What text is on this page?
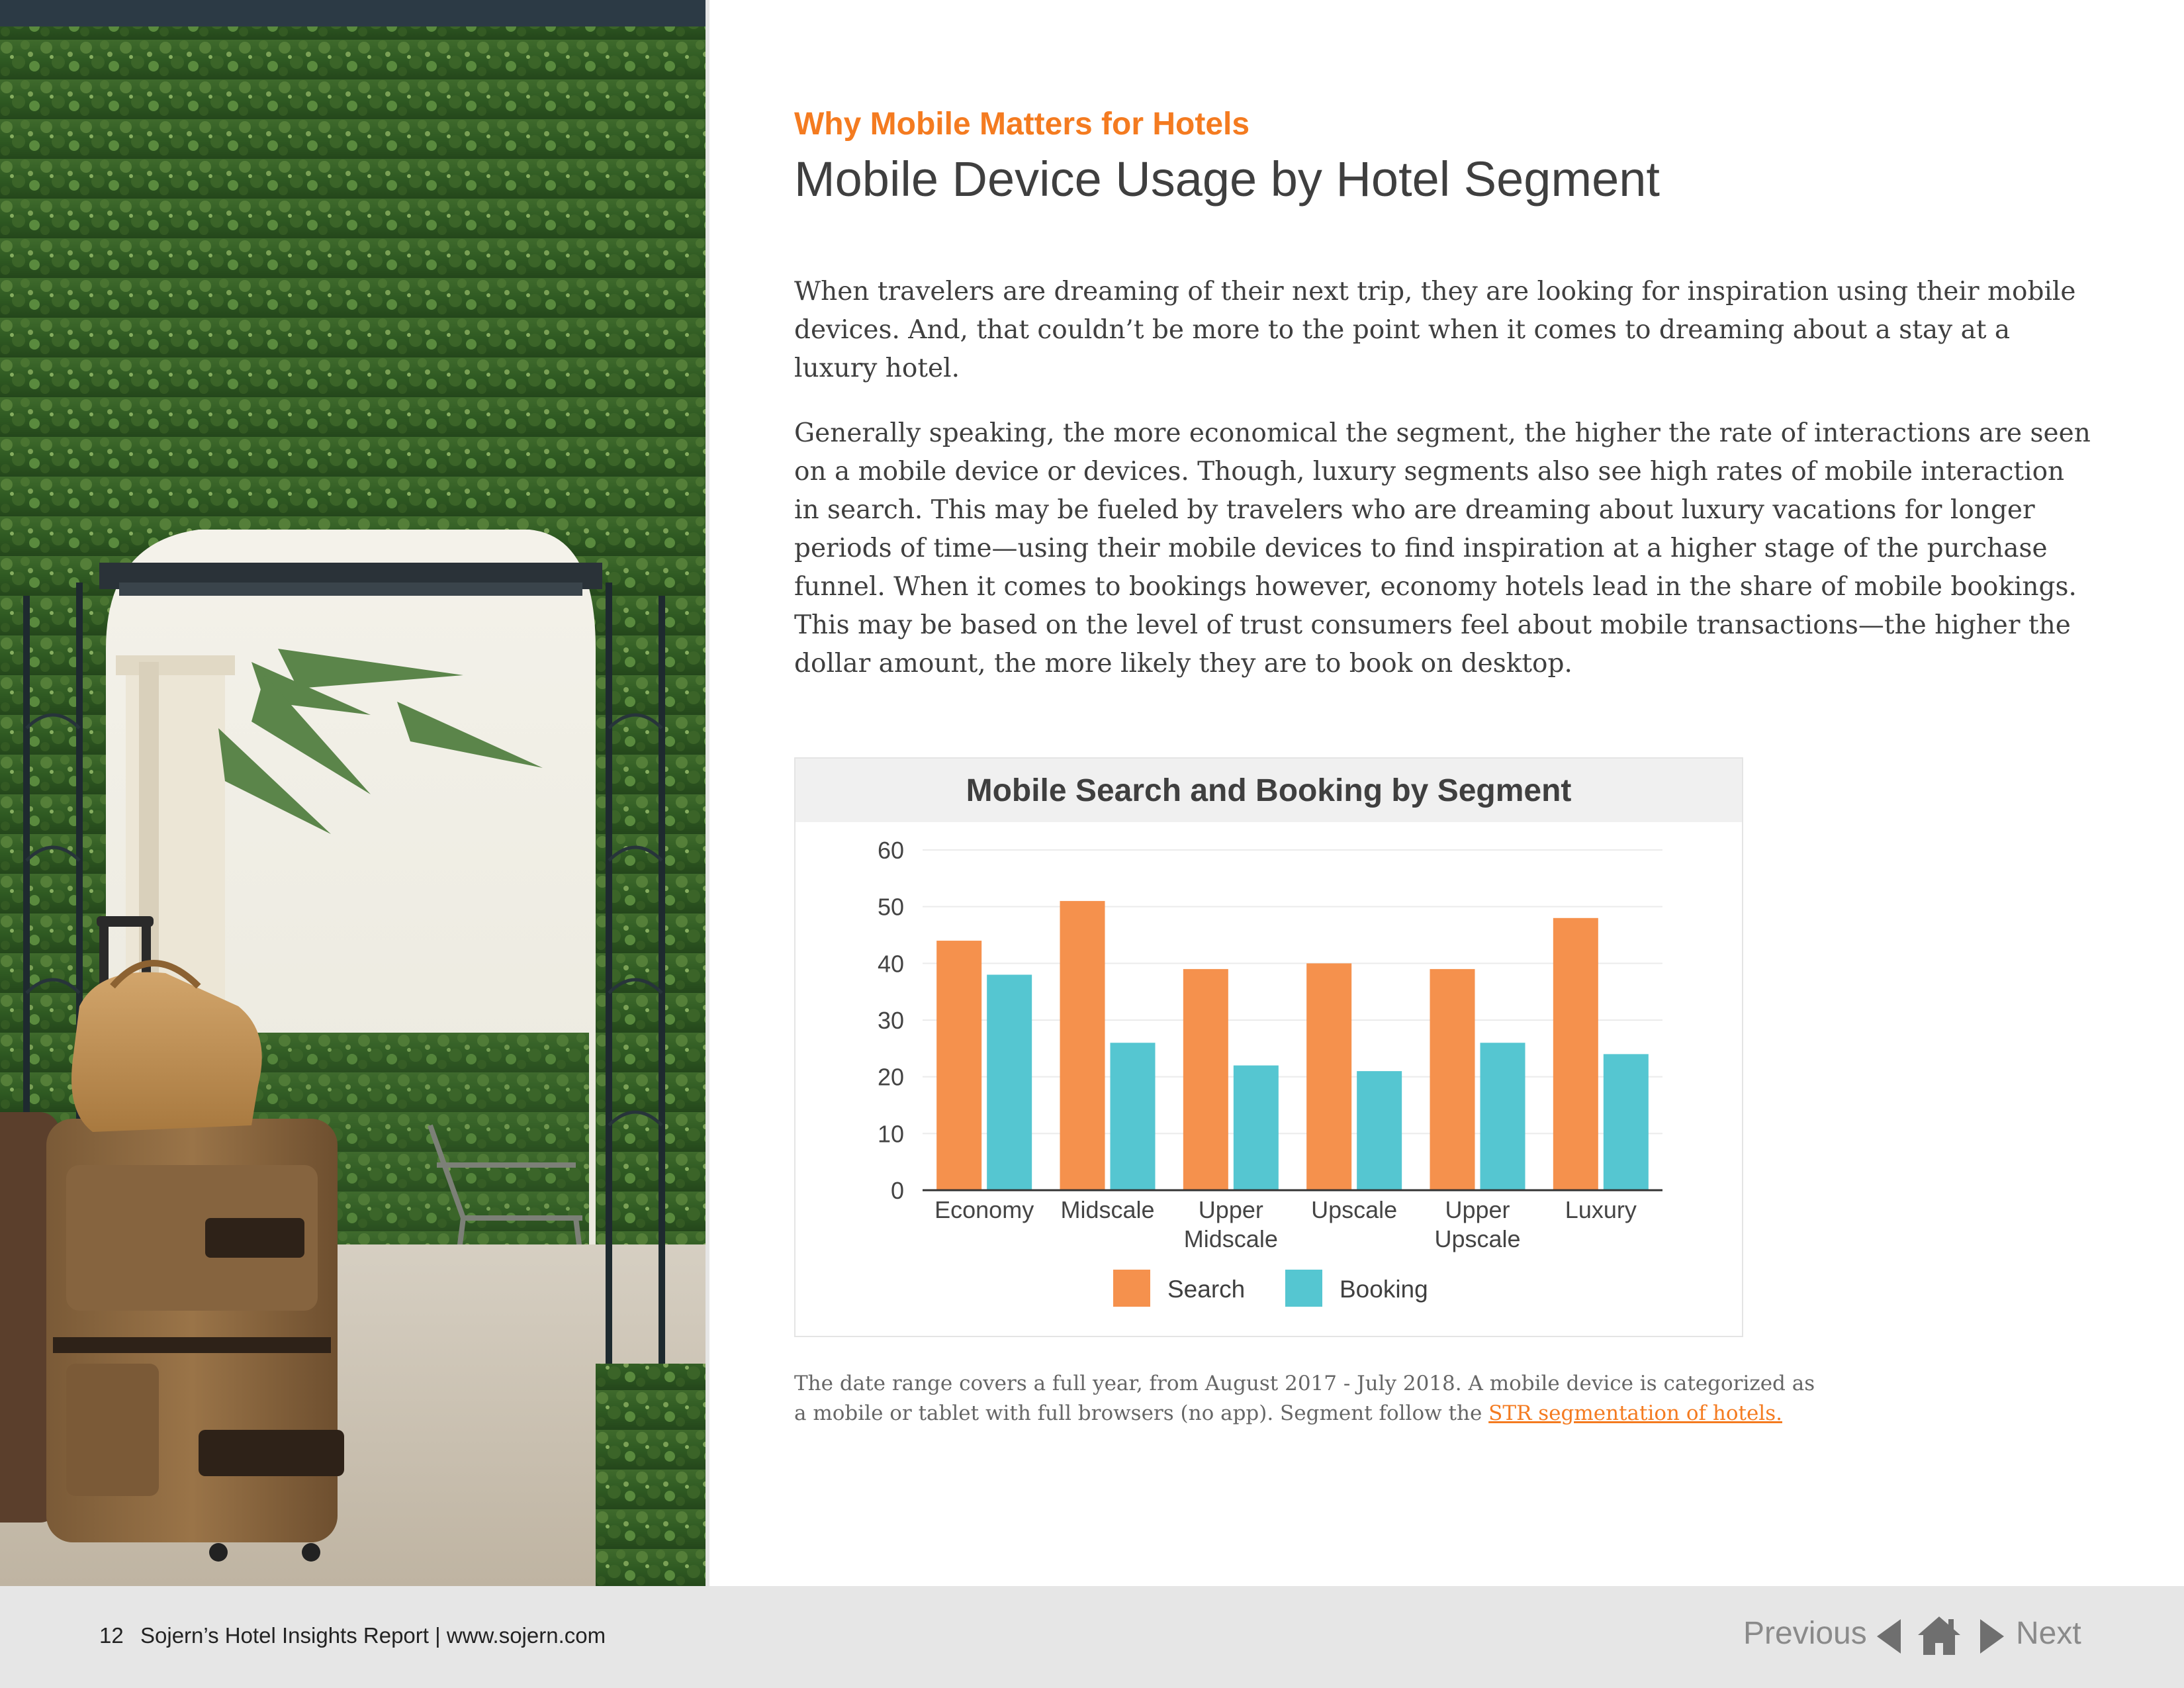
Why Mobile Matters for Hotels
Mobile Device Usage by Hotel Segment

When travelers are dreaming of their next trip, they are looking for inspiration using their mobile devices. And, that couldn’t be more to the point when it comes to dreaming about a stay at a luxury hotel.

Generally speaking, the more economical the segment, the higher the rate of interactions are seen on a mobile device or devices. Though, luxury segments also see high rates of mobile interaction in search. This may be fueled by travelers who are dreaming about luxury vacations for longer periods of time—using their mobile devices to find inspiration at a higher stage of the purchase funnel. When it comes to bookings however, economy hotels lead in the share of mobile bookings. This may be based on the level of trust consumers feel about mobile transactions—the higher the dollar amount, the more likely they are to book on desktop.

Mobile Search and Booking by Segment
0
10
20
30
40
50
60
Economy Midscale Upper
Midscale
Upscale Upper
Upscale
Luxury
Search	Booking

The date range covers a full year, from August 2017 - July 2018. A mobile device is categorized as a mobile or tablet with full browsers (no app). Segment follow the STR segmentation of hotels.

12 Sojern’s Hotel Insights Report | www.sojern.com	Previous	Next
